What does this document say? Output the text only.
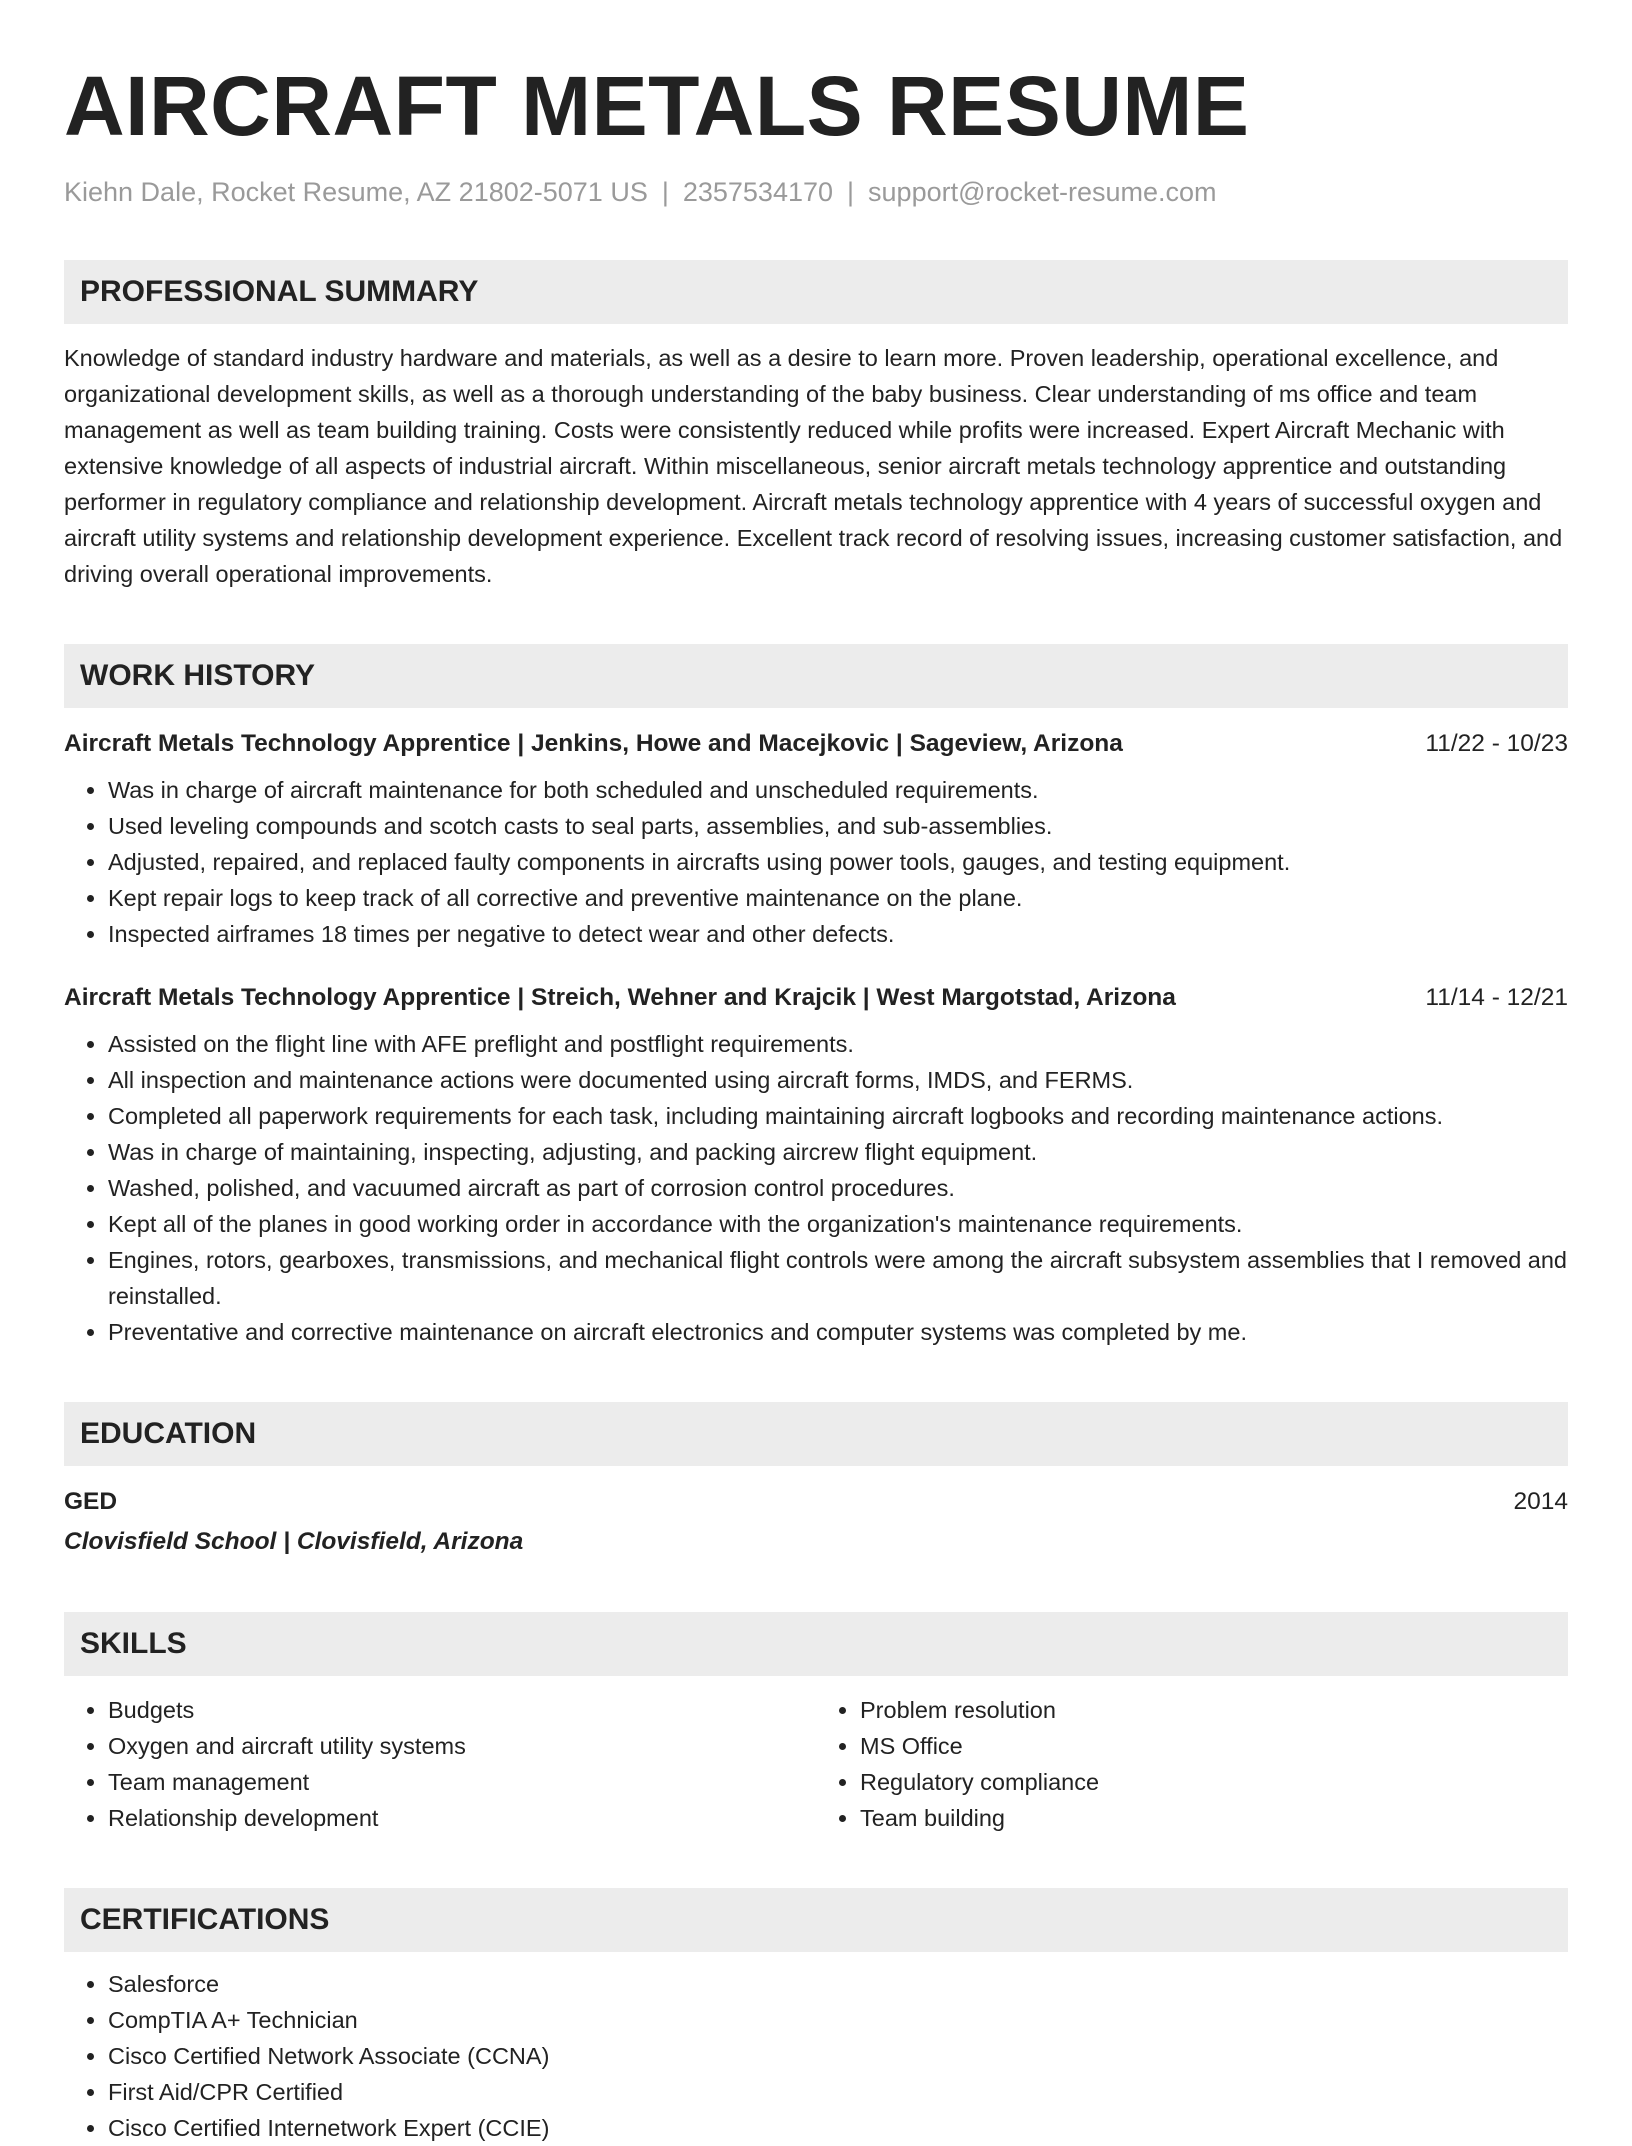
AIRCRAFT METALS RESUME
Kiehn Dale, Rocket Resume, AZ 21802-5071 US | 2357534170 | support@rocket-resume.com
PROFESSIONAL SUMMARY
Knowledge of standard industry hardware and materials, as well as a desire to learn more. Proven leadership, operational excellence, and organizational development skills, as well as a thorough understanding of the baby business. Clear understanding of ms office and team management as well as team building training. Costs were consistently reduced while profits were increased. Expert Aircraft Mechanic with extensive knowledge of all aspects of industrial aircraft. Within miscellaneous, senior aircraft metals technology apprentice and outstanding performer in regulatory compliance and relationship development. Aircraft metals technology apprentice with 4 years of successful oxygen and aircraft utility systems and relationship development experience. Excellent track record of resolving issues, increasing customer satisfaction, and driving overall operational improvements.
WORK HISTORY
Aircraft Metals Technology Apprentice | Jenkins, Howe and Macejkovic | Sageview, Arizona	11/22 - 10/23
• Was in charge of aircraft maintenance for both scheduled and unscheduled requirements.
• Used leveling compounds and scotch casts to seal parts, assemblies, and sub-assemblies.
• Adjusted, repaired, and replaced faulty components in aircrafts using power tools, gauges, and testing equipment.
• Kept repair logs to keep track of all corrective and preventive maintenance on the plane.
• Inspected airframes 18 times per negative to detect wear and other defects.
Aircraft Metals Technology Apprentice | Streich, Wehner and Krajcik | West Margotstad, Arizona	11/14 - 12/21
• Assisted on the flight line with AFE preflight and postflight requirements.
• All inspection and maintenance actions were documented using aircraft forms, IMDS, and FERMS.
• Completed all paperwork requirements for each task, including maintaining aircraft logbooks and recording maintenance actions.
• Was in charge of maintaining, inspecting, adjusting, and packing aircrew flight equipment.
• Washed, polished, and vacuumed aircraft as part of corrosion control procedures.
• Kept all of the planes in good working order in accordance with the organization's maintenance requirements.
• Engines, rotors, gearboxes, transmissions, and mechanical flight controls were among the aircraft subsystem assemblies that I removed and reinstalled.
• Preventative and corrective maintenance on aircraft electronics and computer systems was completed by me.
EDUCATION
GED	2014
Clovisfield School | Clovisfield, Arizona
SKILLS
• Budgets
• Oxygen and aircraft utility systems
• Team management
• Relationship development
• Problem resolution
• MS Office
• Regulatory compliance
• Team building
CERTIFICATIONS
• Salesforce
• CompTIA A+ Technician
• Cisco Certified Network Associate (CCNA)
• First Aid/CPR Certified
• Cisco Certified Internetwork Expert (CCIE)
